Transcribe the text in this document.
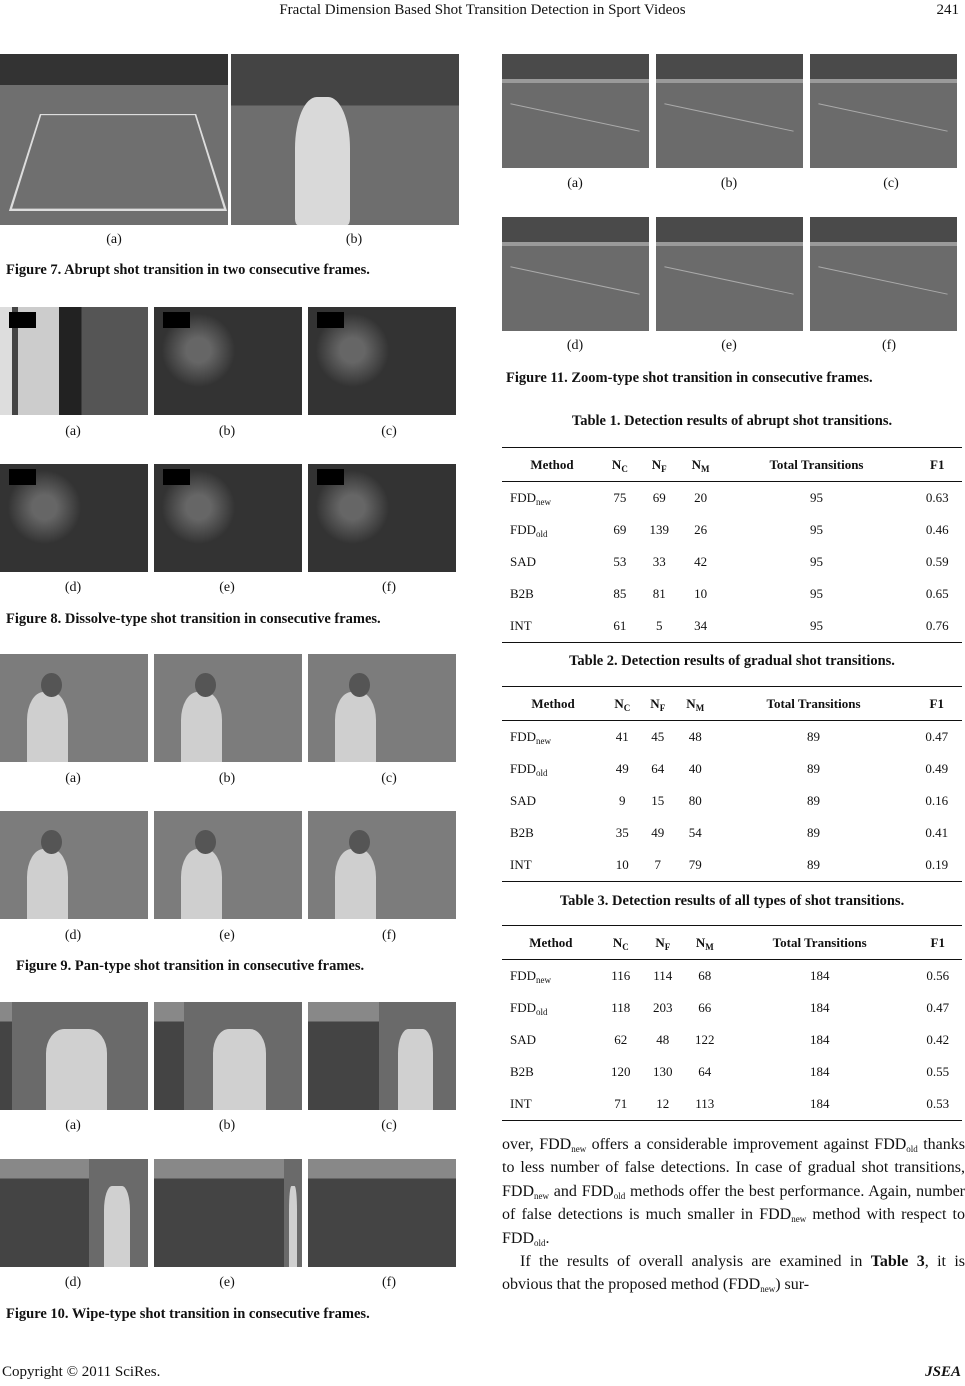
Fractal Dimension Based Shot Transition Detection in Sport Videos	241
(a)	(b)
Figure 7. Abrupt shot transition in two consecutive frames.
(a)	(b)	(c)
(d)	(e)	(f)
Figure 8. Dissolve-type shot transition in consecutive frames.
(a)	(b)	(c)
(d)	(e)	(f)
Figure 9. Pan-type shot transition in consecutive frames.
(a)	(b)	(c)
(d)	(e)	(f)
Figure 10. Wipe-type shot transition in consecutive frames.
(a)	(b)	(c)
(d)	(e)	(f)
Figure 11. Zoom-type shot transition in consecutive frames.
Table 1. Detection results of abrupt shot transitions.
Method	$N_C$	$N_F$	$N_M$	Total Transitions	F1
$FDD_{new}$	75	69	20	95	0.63
$FDD_{old}$	69	139	26	95	0.46
SAD	53	33	42	95	0.59
B2B	85	81	10	95	0.65
INT	61	5	34	95	0.76
Table 2. Detection results of gradual shot transitions.
Method	$N_C$	$N_F$	$N_M$	Total Transitions	F1
$FDD_{new}$	41	45	48	89	0.47
$FDD_{old}$	49	64	40	89	0.49
SAD	9	15	80	89	0.16
B2B	35	49	54	89	0.41
INT	10	7	79	89	0.19
Table 3. Detection results of all types of shot transitions.
Method	$N_C$	$N_F$	$N_M$	Total Transitions	F1
$FDD_{new}$	116	114	68	184	0.56
$FDD_{old}$	118	203	66	184	0.47
SAD	62	48	122	184	0.42
B2B	120	130	64	184	0.55
INT	71	12	113	184	0.53

over, $FDD_{new}$ offers a considerable improvement against $FDD_{old}$ thanks to less number of false detections. In case of gradual shot transitions, $FDD_{new}$ and $FDD_{old}$ methods offer the best performance. Again, number of false detections is much smaller in $FDD_{new}$ method with respect to $FDD_{old}$.

If the results of overall analysis are examined in Table 3, it is obvious that the proposed method $(FDD_{new})$ sur-

Copyright © 2011 SciRes.	JSEA
